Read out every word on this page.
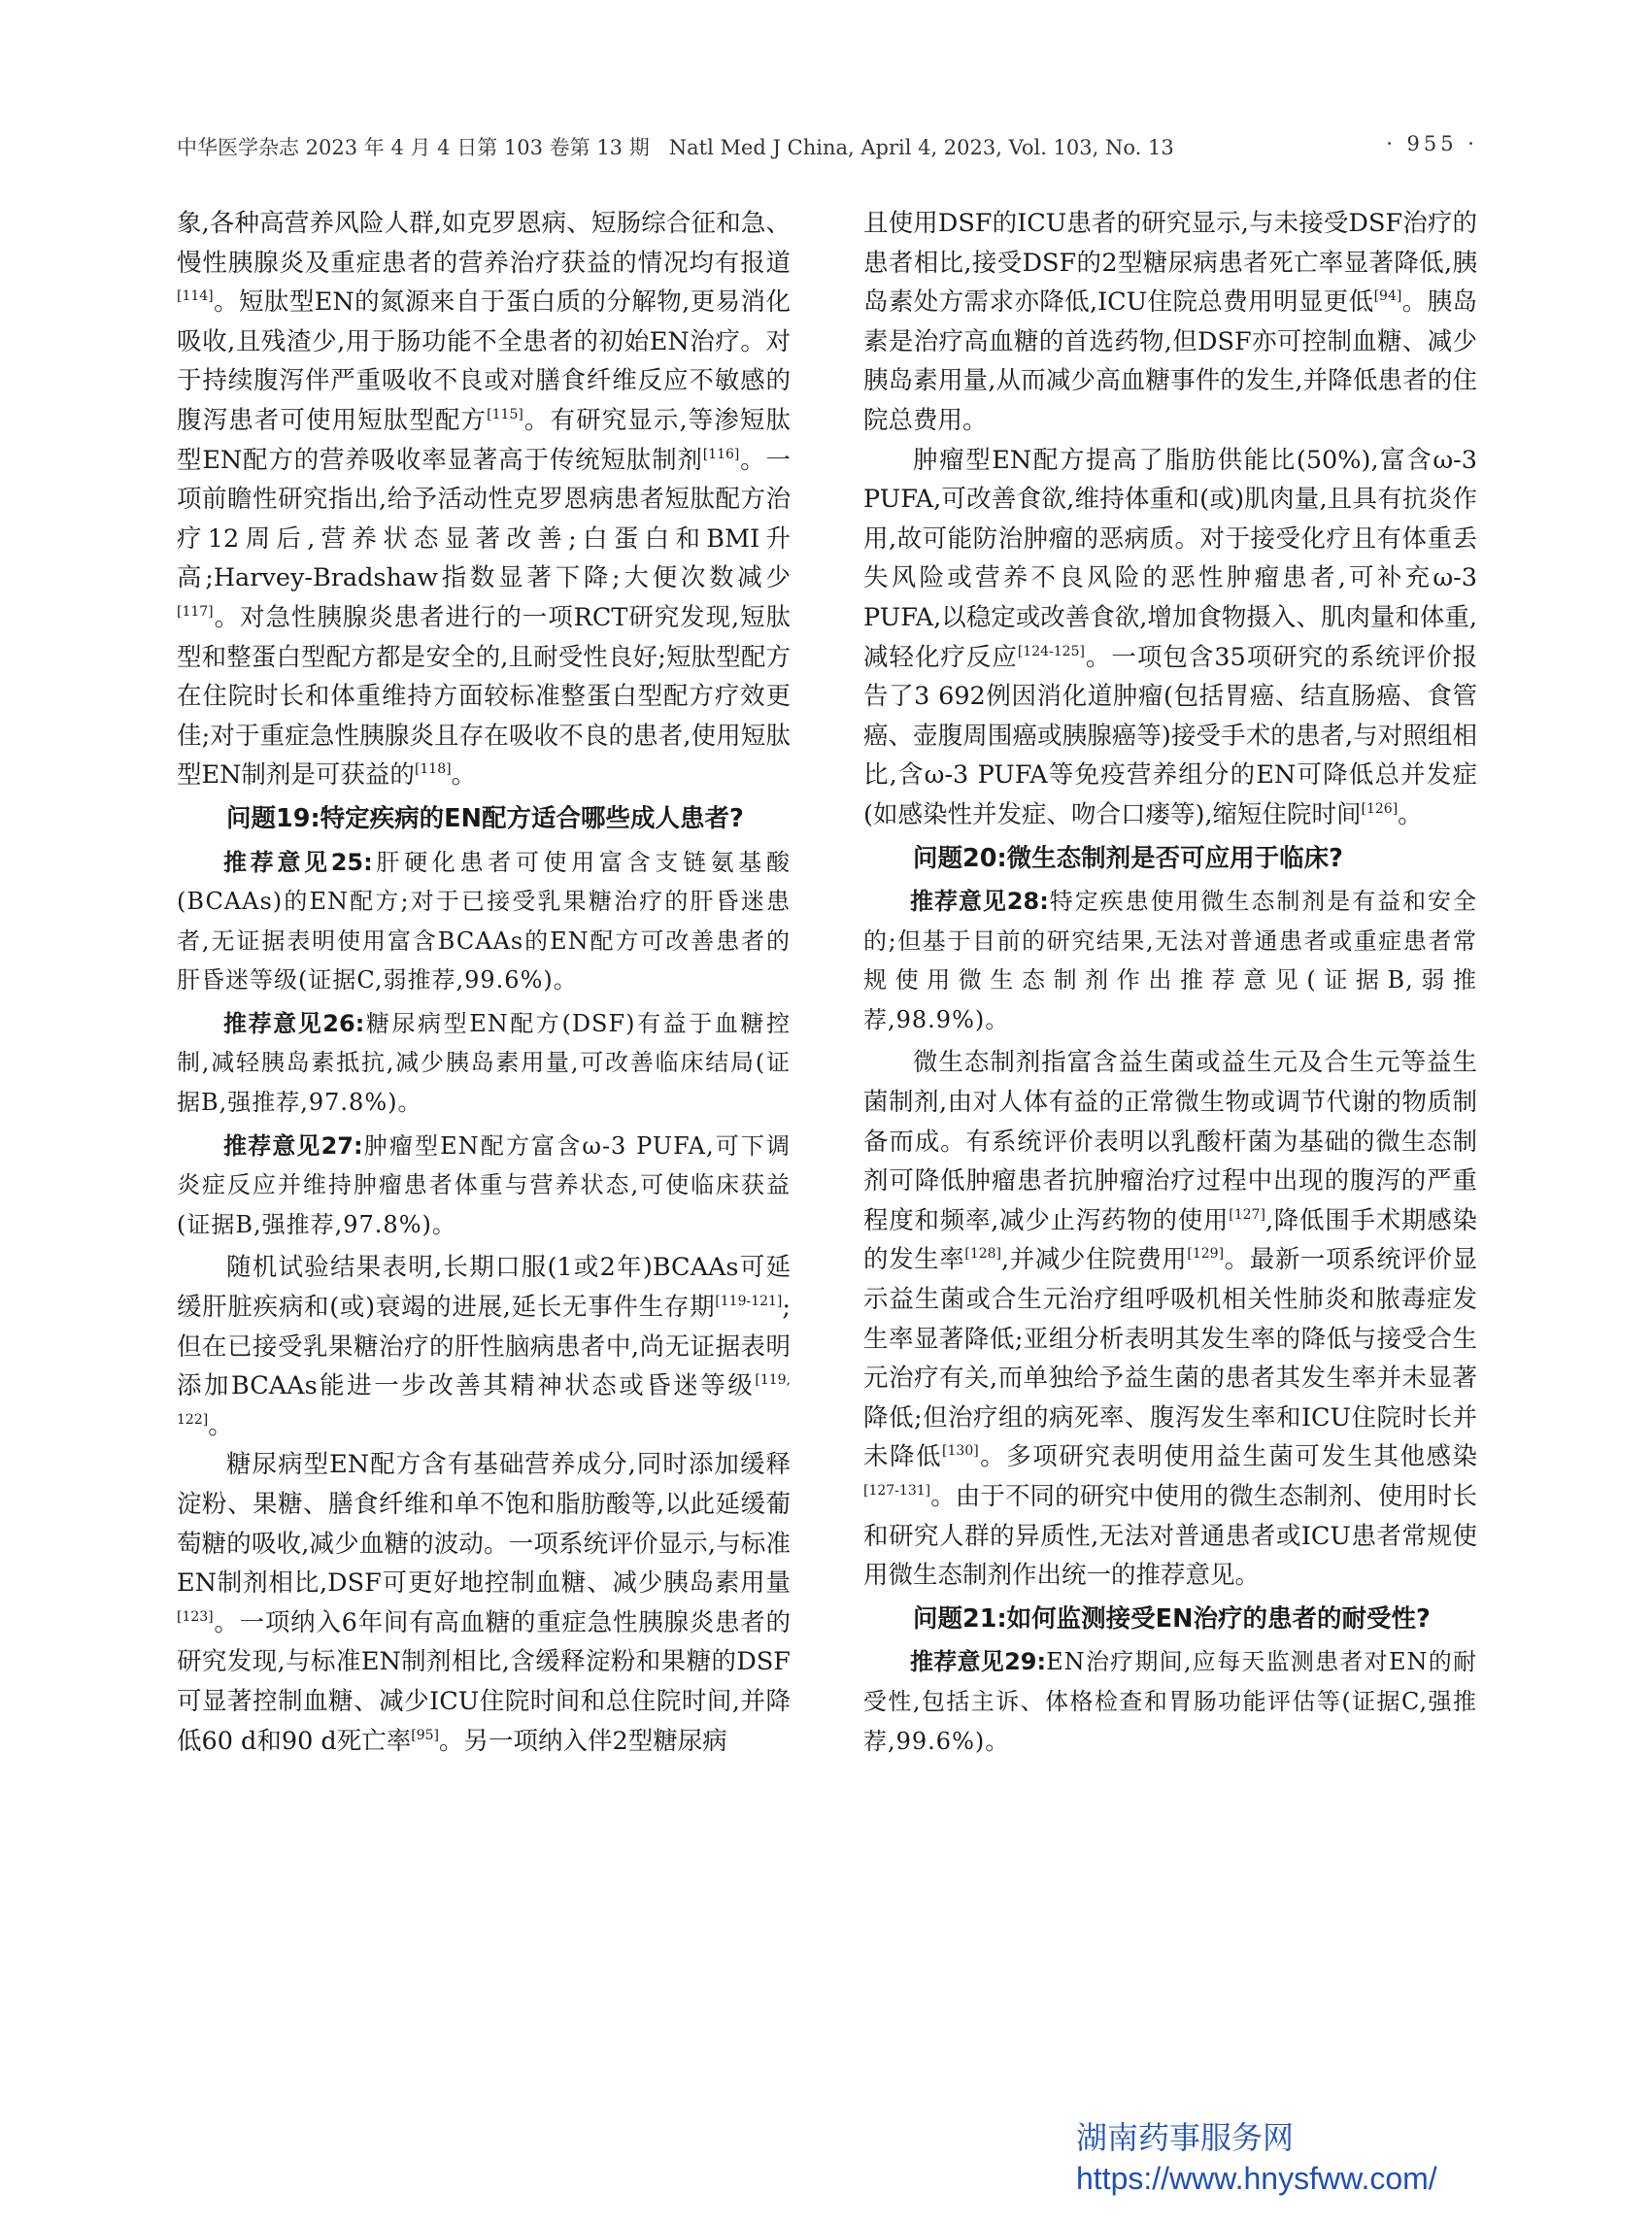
中华医学杂志 2023 年 4 月 4 日第 103 卷第 13 期 Natl Med J China, April 4, 2023, Vol. 103, No. 13	· 955 ·

象,各种高营养风险人群,如克罗恩病、短肠综合征和急、慢性胰腺炎及重症患者的营养治疗获益的情况均有报道[114]。短肽型EN的氮源来自于蛋白质的分解物,更易消化吸收,且残渣少,用于肠功能不全患者的初始EN治疗。对于持续腹泻伴严重吸收不良或对膳食纤维反应不敏感的腹泻患者可使用短肽型配方[115]。有研究显示,等渗短肽型EN配方的营养吸收率显著高于传统短肽制剂[116]。一项前瞻性研究指出,给予活动性克罗恩病患者短肽配方治疗12周后,营养状态显著改善;白蛋白和BMI升高;Harvey-Bradshaw指数显著下降;大便次数减少[117]。对急性胰腺炎患者进行的一项RCT研究发现,短肽型和整蛋白型配方都是安全的,且耐受性良好;短肽型配方在住院时长和体重维持方面较标准整蛋白型配方疗效更佳;对于重症急性胰腺炎且存在吸收不良的患者,使用短肽型EN制剂是可获益的[118]。

问题19:特定疾病的EN配方适合哪些成人患者?

推荐意见25:肝硬化患者可使用富含支链氨基酸(BCAAs)的EN配方;对于已接受乳果糖治疗的肝昏迷患者,无证据表明使用富含BCAAs的EN配方可改善患者的肝昏迷等级(证据C,弱推荐,99.6%)。

推荐意见26:糖尿病型EN配方(DSF)有益于血糖控制,减轻胰岛素抵抗,减少胰岛素用量,可改善临床结局(证据B,强推荐,97.8%)。

推荐意见27:肿瘤型EN配方富含ω-3 PUFA,可下调炎症反应并维持肿瘤患者体重与营养状态,可使临床获益(证据B,强推荐,97.8%)。

随机试验结果表明,长期口服(1或2年)BCAAs可延缓肝脏疾病和(或)衰竭的进展,延长无事件生存期[119-121];但在已接受乳果糖治疗的肝性脑病患者中,尚无证据表明添加BCAAs能进一步改善其精神状态或昏迷等级[119, 122]。

糖尿病型EN配方含有基础营养成分,同时添加缓释淀粉、果糖、膳食纤维和单不饱和脂肪酸等,以此延缓葡萄糖的吸收,减少血糖的波动。一项系统评价显示,与标准EN制剂相比,DSF可更好地控制血糖、减少胰岛素用量[123]。一项纳入6年间有高血糖的重症急性胰腺炎患者的研究发现,与标准EN制剂相比,含缓释淀粉和果糖的DSF可显著控制血糖、减少ICU住院时间和总住院时间,并降低60 d和90 d死亡率[95]。另一项纳入伴2型糖尿病

且使用DSF的ICU患者的研究显示,与未接受DSF治疗的患者相比,接受DSF的2型糖尿病患者死亡率显著降低,胰岛素处方需求亦降低,ICU住院总费用明显更低[94]。胰岛素是治疗高血糖的首选药物,但DSF亦可控制血糖、减少胰岛素用量,从而减少高血糖事件的发生,并降低患者的住院总费用。

肿瘤型EN配方提高了脂肪供能比(50%),富含ω-3 PUFA,可改善食欲,维持体重和(或)肌肉量,且具有抗炎作用,故可能防治肿瘤的恶病质。对于接受化疗且有体重丢失风险或营养不良风险的恶性肿瘤患者,可补充ω-3 PUFA,以稳定或改善食欲,增加食物摄入、肌肉量和体重,减轻化疗反应[124-125]。一项包含35项研究的系统评价报告了3 692例因消化道肿瘤(包括胃癌、结直肠癌、食管癌、壶腹周围癌或胰腺癌等)接受手术的患者,与对照组相比,含ω-3 PUFA等免疫营养组分的EN可降低总并发症(如感染性并发症、吻合口瘘等),缩短住院时间[126]。

问题20:微生态制剂是否可应用于临床?

推荐意见28:特定疾患使用微生态制剂是有益和安全的;但基于目前的研究结果,无法对普通患者或重症患者常规使用微生态制剂作出推荐意见(证据B,弱推荐,98.9%)。

微生态制剂指富含益生菌或益生元及合生元等益生菌制剂,由对人体有益的正常微生物或调节代谢的物质制备而成。有系统评价表明以乳酸杆菌为基础的微生态制剂可降低肿瘤患者抗肿瘤治疗过程中出现的腹泻的严重程度和频率,减少止泻药物的使用[127],降低围手术期感染的发生率[128],并减少住院费用[129]。最新一项系统评价显示益生菌或合生元治疗组呼吸机相关性肺炎和脓毒症发生率显著降低;亚组分析表明其发生率的降低与接受合生元治疗有关,而单独给予益生菌的患者其发生率并未显著降低;但治疗组的病死率、腹泻发生率和ICU住院时长并未降低[130]。多项研究表明使用益生菌可发生其他感染[127-131]。由于不同的研究中使用的微生态制剂、使用时长和研究人群的异质性,无法对普通患者或ICU患者常规使用微生态制剂作出统一的推荐意见。

问题21:如何监测接受EN治疗的患者的耐受性?

推荐意见29:EN治疗期间,应每天监测患者对EN的耐受性,包括主诉、体格检查和胃肠功能评估等(证据C,强推荐,99.6%)。

湖南药事服务网
https://www.hnysfww.com/
